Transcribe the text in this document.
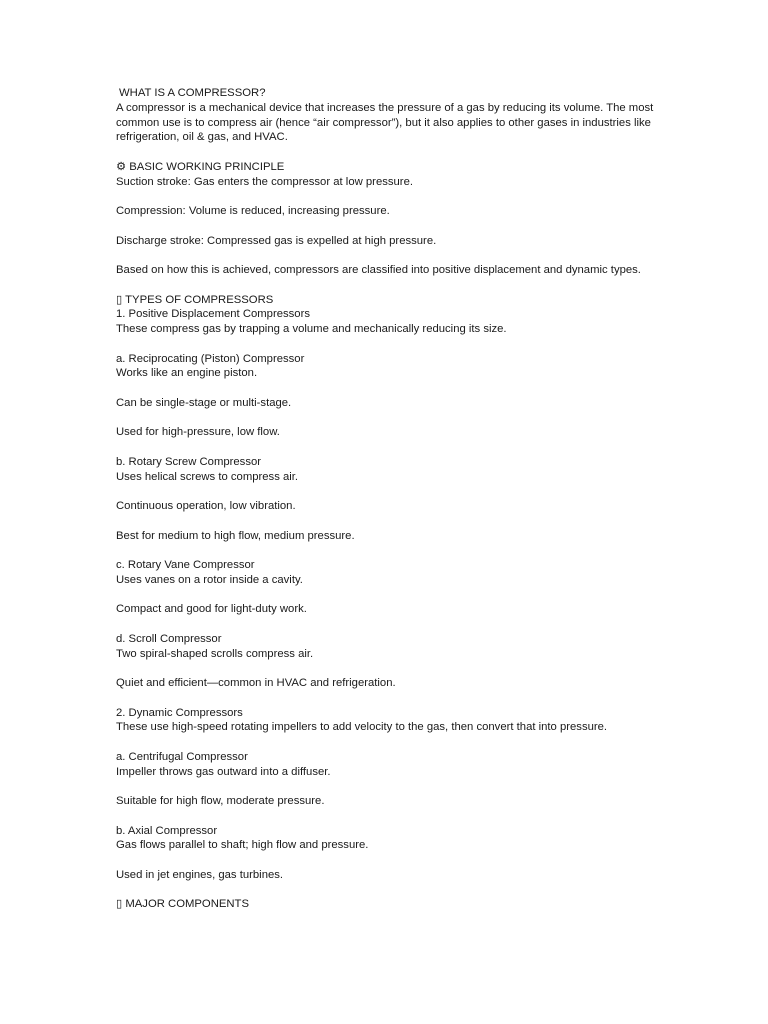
WHAT IS A COMPRESSOR?

A compressor is a mechanical device that increases the pressure of a gas by reducing its volume. The most common use is to compress air (hence “air compressor”), but it also applies to other gases in industries like refrigeration, oil & gas, and HVAC.

⚙ BASIC WORKING PRINCIPLE

Suction stroke: Gas enters the compressor at low pressure.

Compression: Volume is reduced, increasing pressure.

Discharge stroke: Compressed gas is expelled at high pressure.

Based on how this is achieved, compressors are classified into positive displacement and dynamic types.

▯ TYPES OF COMPRESSORS

1. Positive Displacement Compressors

These compress gas by trapping a volume and mechanically reducing its size.

a. Reciprocating (Piston) Compressor

Works like an engine piston.

Can be single-stage or multi-stage.

Used for high-pressure, low flow.

b. Rotary Screw Compressor

Uses helical screws to compress air.

Continuous operation, low vibration.

Best for medium to high flow, medium pressure.

c. Rotary Vane Compressor

Uses vanes on a rotor inside a cavity.

Compact and good for light-duty work.

d. Scroll Compressor

Two spiral-shaped scrolls compress air.

Quiet and efficient—common in HVAC and refrigeration.

2. Dynamic Compressors

These use high-speed rotating impellers to add velocity to the gas, then convert that into pressure.

a. Centrifugal Compressor

Impeller throws gas outward into a diffuser.

Suitable for high flow, moderate pressure.

b. Axial Compressor

Gas flows parallel to shaft; high flow and pressure.

Used in jet engines, gas turbines.

▯ MAJOR COMPONENTS
